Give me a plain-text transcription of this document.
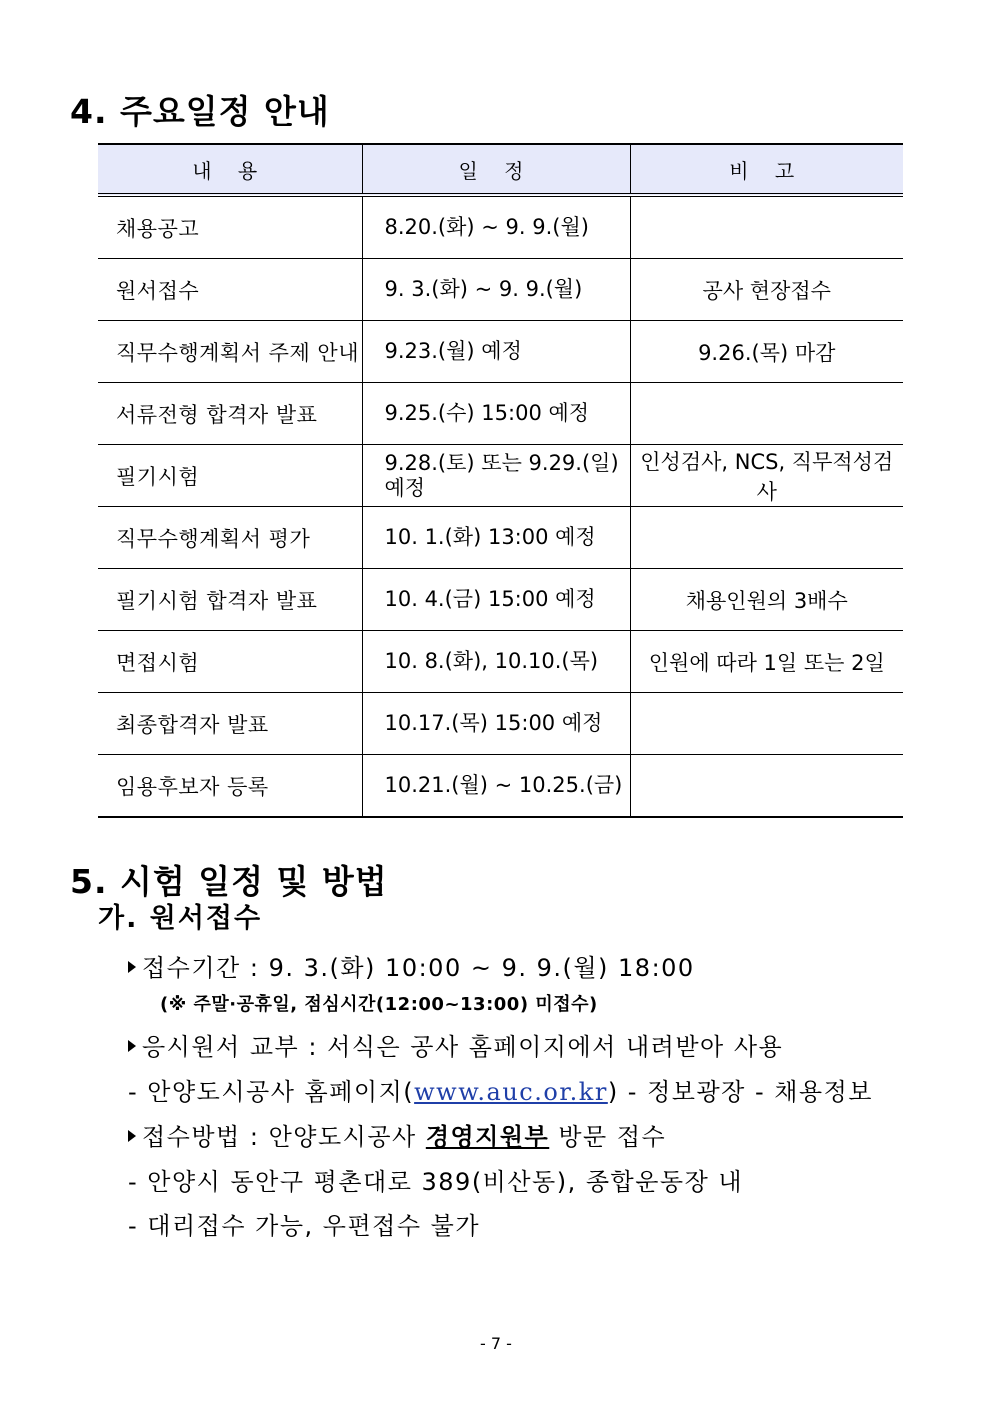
4. 주요일정 안내
내 용	일 정	비 고
채용공고	8.20.(화) ~ 9. 9.(월)	
원서접수	9. 3.(화) ~ 9. 9.(월)	공사 현장접수
직무수행계획서 주제 안내	9.23.(월) 예정	9.26.(목) 마감
서류전형 합격자 발표	9.25.(수) 15:00 예정	
필기시험	9.28.(토) 또는 9.29.(일) 예정	인성검사, NCS, 직무적성검사
직무수행계획서 평가	10. 1.(화) 13:00 예정	
필기시험 합격자 발표	10. 4.(금) 15:00 예정	채용인원의 3배수
면접시험	10. 8.(화), 10.10.(목)	인원에 따라 1일 또는 2일
최종합격자 발표	10.17.(목) 15:00 예정	
임용후보자 등록	10.21.(월) ~ 10.25.(금)	
5. 시험 일정 및 방법
가. 원서접수
접수기간 : 9. 3.(화) 10:00 ~ 9. 9.(월) 18:00
(※ 주말·공휴일, 점심시간(12:00~13:00) 미접수)
응시원서 교부 : 서식은 공사 홈페이지에서 내려받아 사용
- 안양도시공사 홈페이지(www.auc.or.kr) - 정보광장 - 채용정보
접수방법 : 안양도시공사 경영지원부 방문 접수
- 안양시 동안구 평촌대로 389(비산동), 종합운동장 내
- 대리접수 가능, 우편접수 불가
- 7 -
